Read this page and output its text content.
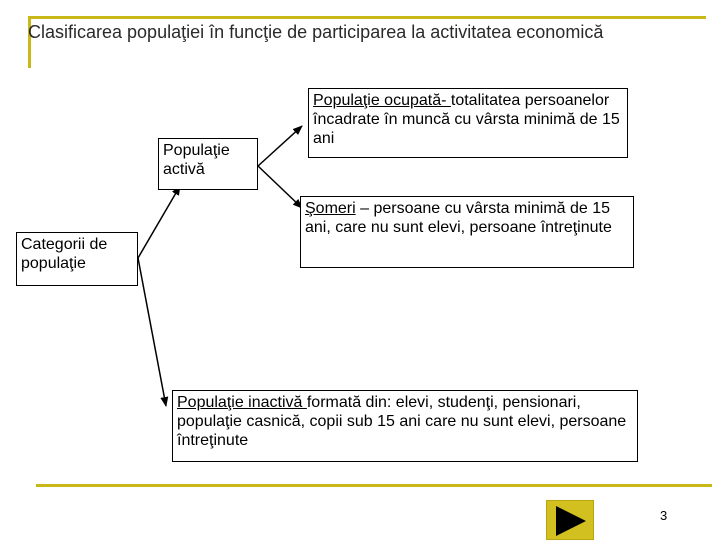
Clasificarea populaţiei în funcţie de participarea la activitatea economică
Categorii de populaţie
Populaţie activă
Populaţie ocupată- totalitatea persoanelor încadrate în muncă cu vârsta minimă de 15 ani
Şomeri – persoane cu vârsta minimă de 15 ani, care nu sunt elevi, persoane întreţinute
Populaţie inactivă formată din: elevi, studenţi, pensionari, populaţie casnică, copii sub 15 ani care nu sunt elevi, persoane întreţinute
3
